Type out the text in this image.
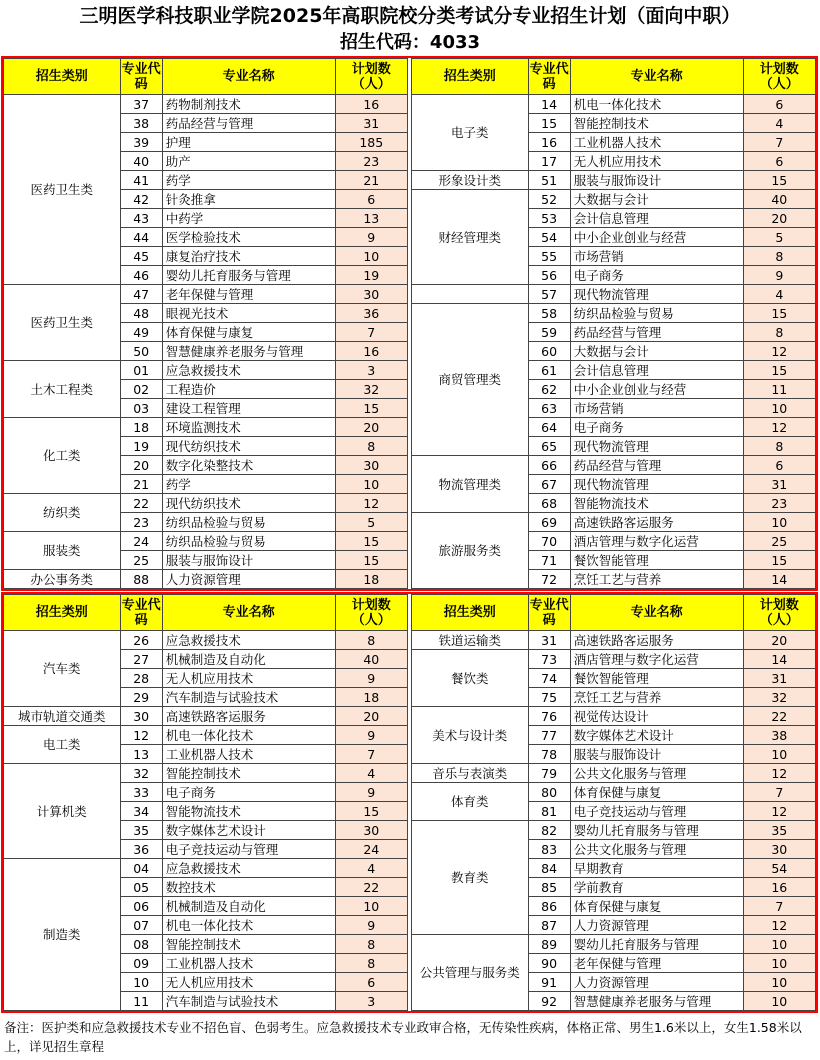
三明医学科技职业学院2025年高职院校分类考试分专业招生计划（面向中职）
招生代码：4033
招生类别	专业代码	专业名称	计划数（人）		招生类别	专业代码	专业名称	计划数（人）
医药卫生类	37	药物制剂技术	16		电子类	14	机电一体化技术	6
	38	药品经营与管理	31			15	智能控制技术	4
	39	护理	185			16	工业机器人技术	7
	40	助产	23			17	无人机应用技术	6
	41	药学	21		形象设计类	51	服装与服饰设计	15
	42	针灸推拿	6		财经管理类	52	大数据与会计	40
	43	中药学	13			53	会计信息管理	20
	44	医学检验技术	9			54	中小企业创业与经营	5
	45	康复治疗技术	10			55	市场营销	8
	46	婴幼儿托育服务与管理	19			56	电子商务	9
医药卫生类	47	老年保健与管理	30			57	现代物流管理	4
	48	眼视光技术	36		商贸管理类	58	纺织品检验与贸易	15
	49	体育保健与康复	7			59	药品经营与管理	8
	50	智慧健康养老服务与管理	16			60	大数据与会计	12
土木工程类	01	应急救援技术	3			61	会计信息管理	15
	02	工程造价	32			62	中小企业创业与经营	11
	03	建设工程管理	15			63	市场营销	10
化工类	18	环境监测技术	20			64	电子商务	12
	19	现代纺织技术	8			65	现代物流管理	8
	20	数字化染整技术	30		物流管理类	66	药品经营与管理	6
	21	药学	10			67	现代物流管理	31
纺织类	22	现代纺织技术	12			68	智能物流技术	23
	23	纺织品检验与贸易	5		旅游服务类	69	高速铁路客运服务	10
服装类	24	纺织品检验与贸易	15			70	酒店管理与数字化运营	25
	25	服装与服饰设计	15			71	餐饮智能管理	15
办公事务类	88	人力资源管理	18			72	烹饪工艺与营养	14
招生类别	专业代码	专业名称	计划数（人）		招生类别	专业代码	专业名称	计划数（人）
汽车类	26	应急救援技术	8		铁道运输类	31	高速铁路客运服务	20
	27	机械制造及自动化	40		餐饮类	73	酒店管理与数字化运营	14
	28	无人机应用技术	9			74	餐饮智能管理	31
	29	汽车制造与试验技术	18			75	烹饪工艺与营养	32
城市轨道交通类	30	高速铁路客运服务	20		美术与设计类	76	视觉传达设计	22
电工类	12	机电一体化技术	9			77	数字媒体艺术设计	38
	13	工业机器人技术	7			78	服装与服饰设计	10
计算机类	32	智能控制技术	4		音乐与表演类	79	公共文化服务与管理	12
	33	电子商务	9		体育类	80	体育保健与康复	7
	34	智能物流技术	15			81	电子竞技运动与管理	12
	35	数字媒体艺术设计	30		教育类	82	婴幼儿托育服务与管理	35
	36	电子竞技运动与管理	24			83	公共文化服务与管理	30
制造类	04	应急救援技术	4			84	早期教育	54
	05	数控技术	22			85	学前教育	16
	06	机械制造及自动化	10			86	体育保健与康复	7
	07	机电一体化技术	9			87	人力资源管理	12
	08	智能控制技术	8		公共管理与服务类	89	婴幼儿托育服务与管理	10
	09	工业机器人技术	8			90	老年保健与管理	10
	10	无人机应用技术	6			91	人力资源管理	10
	11	汽车制造与试验技术	3			92	智慧健康养老服务与管理	10
备注：医护类和应急救援技术专业不招色盲、色弱考生。应急救援技术专业政审合格，无传染性疾病，体格正常、男生1.6米以上，女生1.58米以上，详见招生章程
